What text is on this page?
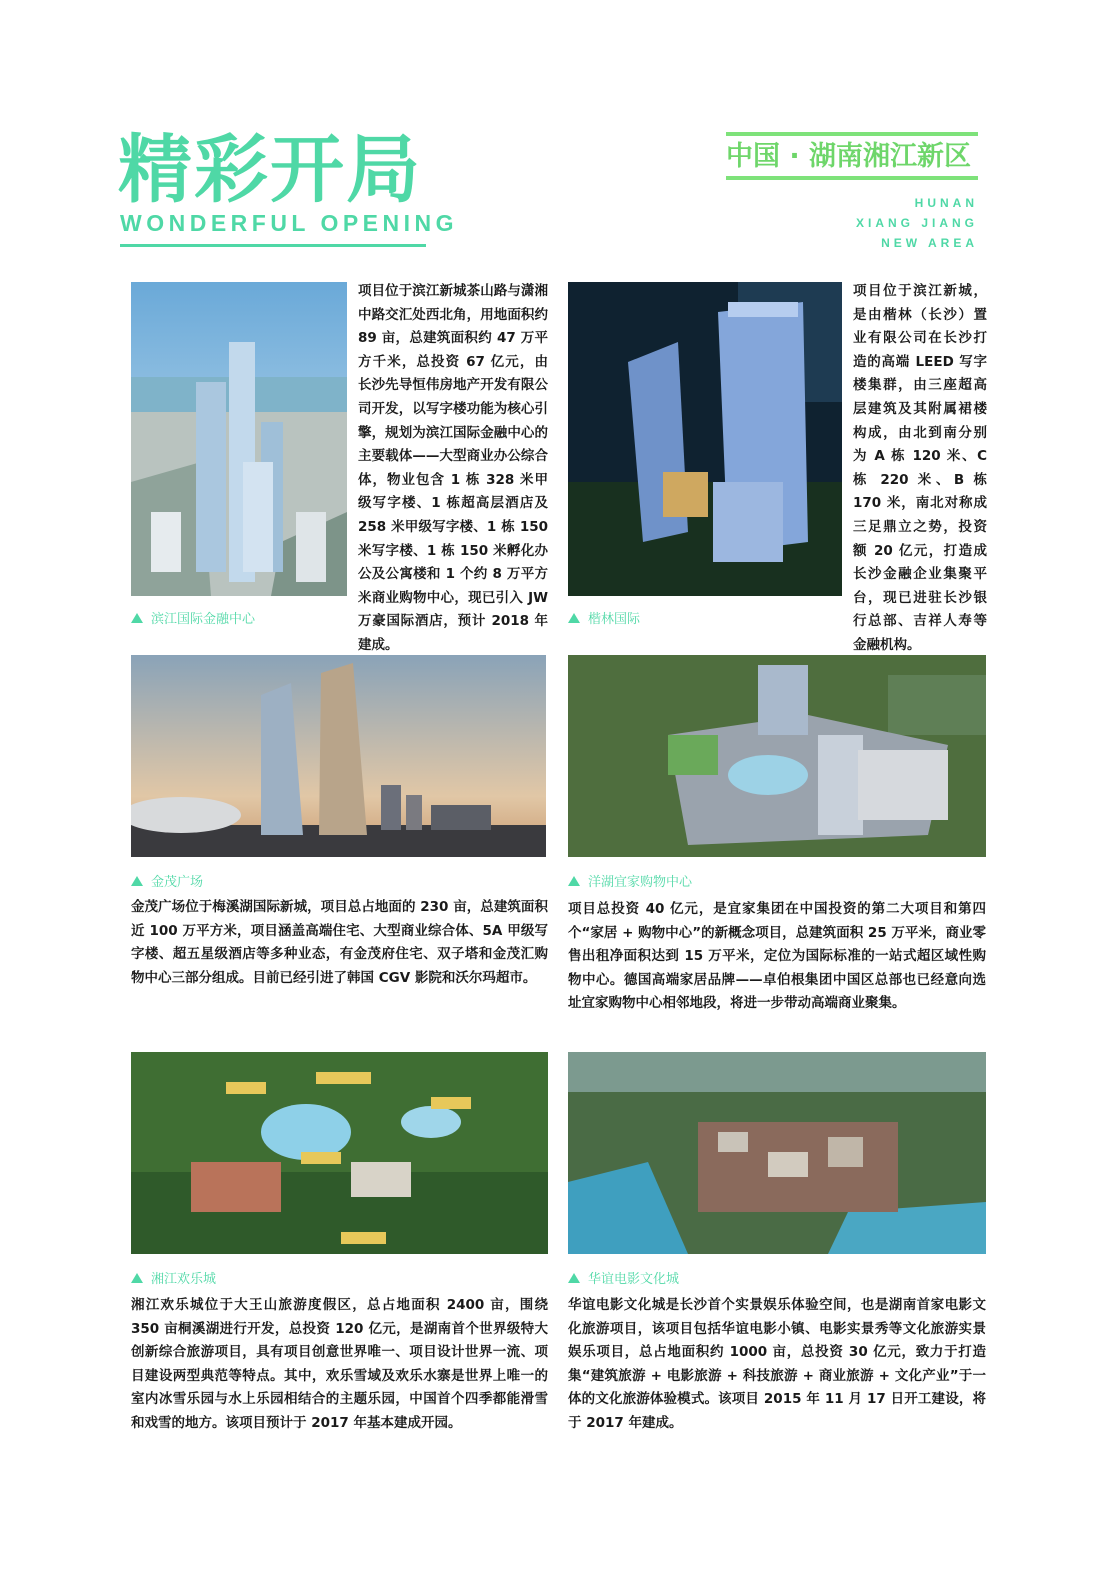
精彩开局
WONDERFUL OPENING
中国 · 湖南湘江新区
HUNAN
XIANG JIANG
NEW AREA
项目位于滨江新城茶山路与潇湘中路交汇处西北角，用地面积约 89 亩，总建筑面积约 47 万平方千米，总投资 67 亿元，由长沙先导恒伟房地产开发有限公司开发，以写字楼功能为核心引擎，规划为滨江国际金融中心的主要载体——大型商业办公综合体，物业包含 1 栋 328 米甲级写字楼、1 栋超高层酒店及 258 米甲级写字楼、1 栋 150 米写字楼、1 栋 150 米孵化办公及公寓楼和 1 个约 8 万平方米商业购物中心，现已引入 JW 万豪国际酒店，预计 2018 年建成。
滨江国际金融中心
项目位于滨江新城，是由楷林（长沙）置业有限公司在长沙打造的高端 LEED 写字楼集群，由三座超高层建筑及其附属裙楼构成，由北到南分别为 A 栋 120 米、C 栋 220 米、B 栋 170 米，南北对称成三足鼎立之势，投资额 20 亿元，打造成长沙金融企业集聚平台，现已进驻长沙银行总部、吉祥人寿等金融机构。
楷林国际
金茂广场
金茂广场位于梅溪湖国际新城，项目总占地面的 230 亩，总建筑面积近 100 万平方米，项目涵盖高端住宅、大型商业综合体、5A 甲级写字楼、超五星级酒店等多种业态，有金茂府住宅、双子塔和金茂汇购物中心三部分组成。目前已经引进了韩国 CGV 影院和沃尔玛超市。
洋湖宜家购物中心
项目总投资 40 亿元，是宜家集团在中国投资的第二大项目和第四个“家居 + 购物中心”的新概念项目，总建筑面积 25 万平米，商业零售出租净面积达到 15 万平米，定位为国际标准的一站式超区域性购物中心。德国高端家居品牌——卓伯根集团中国区总部也已经意向选址宜家购物中心相邻地段，将进一步带动高端商业聚集。
湘江欢乐城
湘江欢乐城位于大王山旅游度假区，总占地面积 2400 亩，围绕 350 亩桐溪湖进行开发，总投资 120 亿元，是湖南首个世界级特大创新综合旅游项目，具有项目创意世界唯一、项目设计世界一流、项目建设两型典范等特点。其中，欢乐雪域及欢乐水寨是世界上唯一的室内冰雪乐园与水上乐园相结合的主题乐园，中国首个四季都能滑雪和戏雪的地方。该项目预计于 2017 年基本建成开园。
华谊电影文化城
华谊电影文化城是长沙首个实景娱乐体验空间，也是湖南首家电影文化旅游项目，该项目包括华谊电影小镇、电影实景秀等文化旅游实景娱乐项目，总占地面积约 1000 亩，总投资 30 亿元，致力于打造集“建筑旅游 + 电影旅游 + 科技旅游 + 商业旅游 + 文化产业”于一体的文化旅游体验模式。该项目 2015 年 11 月 17 日开工建设，将于 2017 年建成。
